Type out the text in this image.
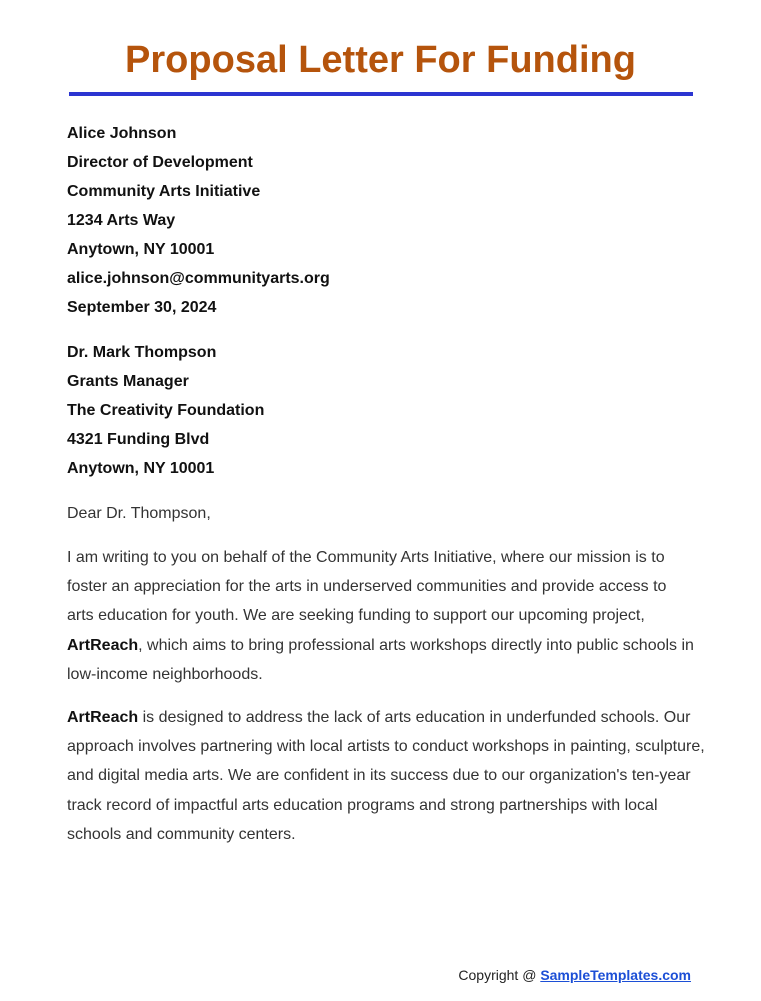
Proposal Letter For Funding

Alice Johnson

Director of Development

Community Arts Initiative

1234 Arts Way

Anytown, NY 10001

alice.johnson@communityarts.org

September 30, 2024

Dr. Mark Thompson

Grants Manager

The Creativity Foundation

4321 Funding Blvd

Anytown, NY 10001

Dear Dr. Thompson,

I am writing to you on behalf of the Community Arts Initiative, where our mission is to foster an appreciation for the arts in underserved communities and provide access to arts education for youth. We are seeking funding to support our upcoming project, ArtReach, which aims to bring professional arts workshops directly into public schools in low-income neighborhoods.

ArtReach is designed to address the lack of arts education in underfunded schools. Our approach involves partnering with local artists to conduct workshops in painting, sculpture, and digital media arts. We are confident in its success due to our organization's ten-year track record of impactful arts education programs and strong partnerships with local schools and community centers.

Copyright @ SampleTemplates.com
